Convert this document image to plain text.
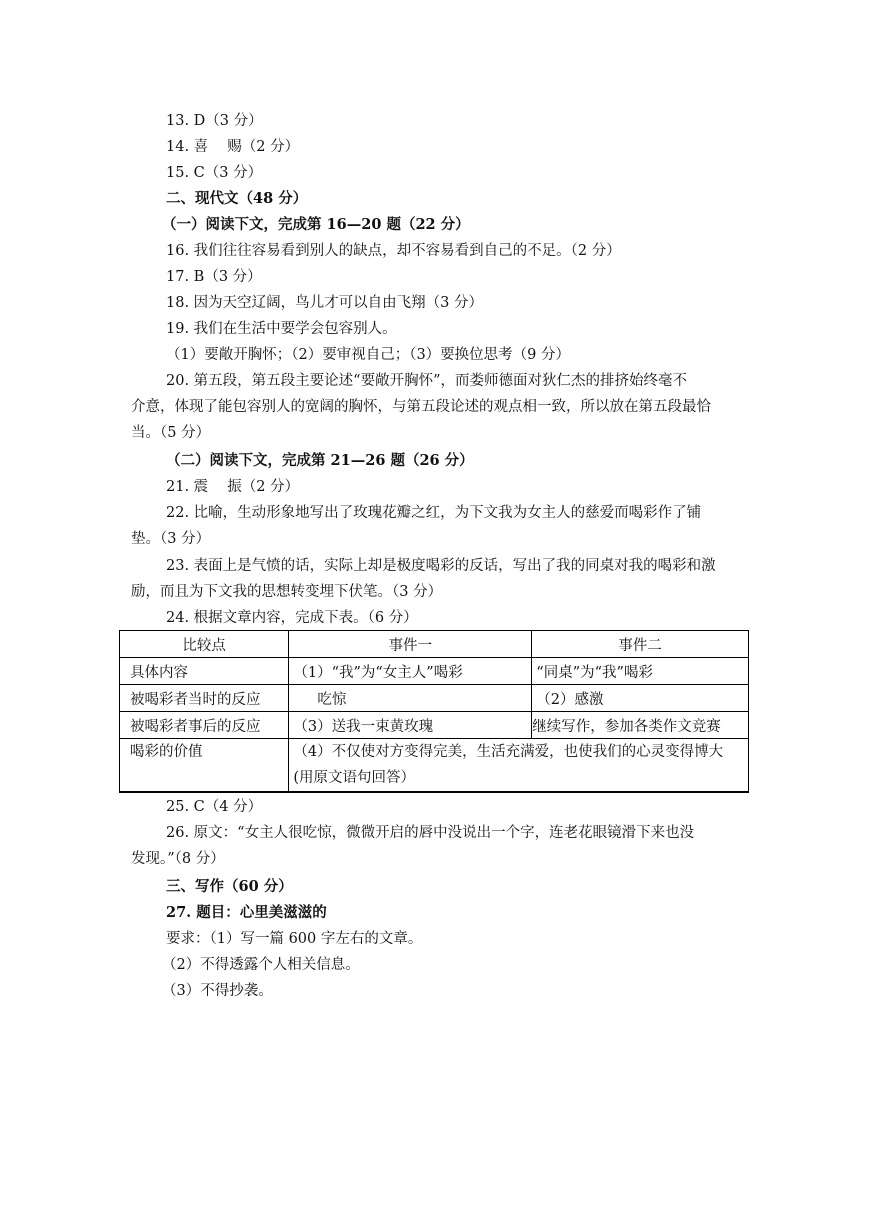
13. D（3 分）
14. 喜　 赐（2 分）
15. C（3 分）
二、现代文（48 分）
（一）阅读下文，完成第 16—20 题（22 分）
16. 我们往往容易看到别人的缺点，却不容易看到自己的不足。（2 分）
17. B（3 分）
18. 因为天空辽阔，鸟儿才可以自由飞翔（3 分）
19. 我们在生活中要学会包容别人。
（1）要敞开胸怀；（2）要审视自己；（3）要换位思考（9 分）
20. 第五段，第五段主要论述“要敞开胸怀”，而娄师德面对狄仁杰的排挤始终毫不
介意，体现了能包容别人的宽阔的胸怀，与第五段论述的观点相一致，所以放在第五段最恰
当。（5 分）
（二）阅读下文，完成第 21—26 题（26 分）
21. 震　 振（2 分）
22. 比喻，生动形象地写出了玫瑰花瓣之红，为下文我为女主人的慈爱而喝彩作了铺
垫。（3 分）
23. 表面上是气愤的话，实际上却是极度喝彩的反话，写出了我的同桌对我的喝彩和激
励，而且为下文我的思想转变埋下伏笔。（3 分）
24. 根据文章内容，完成下表。（6 分）
比较点	事件一	事件二
具体内容	（1）“我”为“女主人”喝彩	“同桌”为“我”喝彩
被喝彩者当时的反应	吃惊	（2）感激
被喝彩者事后的反应	（3）送我一束黄玫瑰	继续写作，参加各类作文竞赛
喝彩的价值	（4）不仅使对方变得完美，生活充满爱，也使我们的心灵变得博大
(用原文语句回答）	
25. C（4 分）
26. 原文：“女主人很吃惊，微微开启的唇中没说出一个字，连老花眼镜滑下来也没
发现。”（8 分）
三、写作（60 分）
27. 题目：心里美滋滋的
要求：（1）写一篇 600 字左右的文章。
（2）不得透露个人相关信息。
（3）不得抄袭。
